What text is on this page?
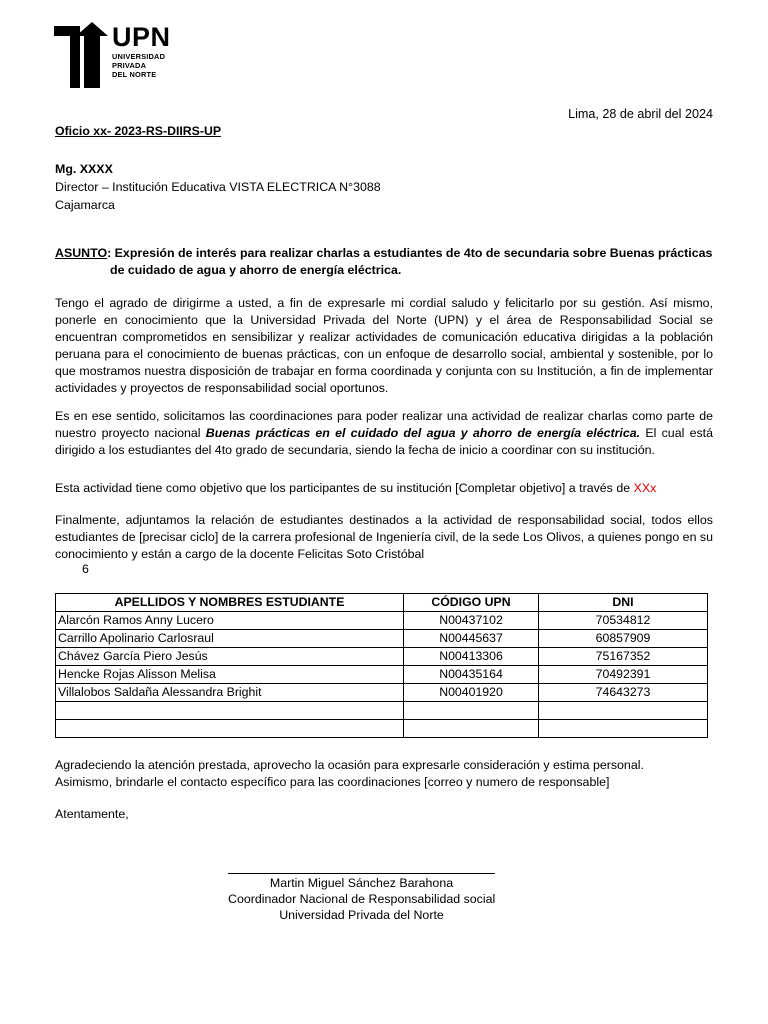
UPN
UNIVERSIDAD
PRIVADA
DEL NORTE
Lima, 28 de abril del 2024
Oficio xx- 2023-RS-DIIRS-UP
Mg. XXXX
Director – Institución Educativa VISTA ELECTRICA N°3088
Cajamarca
ASUNTO: Expresión de interés para realizar charlas a estudiantes de 4to de secundaria sobre Buenas prácticas
de cuidado de agua y ahorro de energía eléctrica.
Tengo el agrado de dirigirme a usted, a fin de expresarle mi cordial saludo y felicitarlo por su gestión. Así mismo, ponerle en conocimiento que la Universidad Privada del Norte (UPN) y el área de Responsabilidad Social se encuentran comprometidos en sensibilizar y realizar actividades de comunicación educativa dirigidas a la población peruana para el conocimiento de buenas prácticas, con un enfoque de desarrollo social, ambiental y sostenible, por lo que mostramos nuestra disposición de trabajar en forma coordinada y conjunta con su Institución, a fin de implementar actividades y proyectos de responsabilidad social oportunos.
Es en ese sentido, solicitamos las coordinaciones para poder realizar una actividad de realizar charlas como parte de nuestro proyecto nacional Buenas prácticas en el cuidado del agua y ahorro de energía eléctrica. El cual está dirigido a los estudiantes del 4to grado de secundaria, siendo la fecha de inicio a coordinar con su institución.
Esta actividad tiene como objetivo que los participantes de su institución [Completar objetivo] a través de XXx
Finalmente, adjuntamos la relación de estudiantes destinados a la actividad de responsabilidad social, todos ellos estudiantes de [precisar ciclo] de la carrera profesional de Ingeniería civil, de la sede Los Olivos, a quienes pongo en su conocimiento y están a cargo de la docente Felicitas Soto Cristóbal
6
APELLIDOS Y NOMBRES ESTUDIANTE	CÓDIGO UPN	DNI
Alarcón Ramos Anny Lucero	N00437102	70534812
Carrillo Apolinario Carlosraul	N00445637	60857909
Chávez García Piero Jesús	N00413306	75167352
Hencke Rojas Alisson Melisa	N00435164	70492391
Villalobos Saldaña Alessandra Brighit	N00401920	74643273

Agradeciendo la atención prestada, aprovecho la ocasión para expresarle consideración y estima personal.
Asimismo, brindarle el contacto específico para las coordinaciones [correo y numero de responsable]
Atentamente,
Martin Miguel Sánchez Barahona
Coordinador Nacional de Responsabilidad social
Universidad Privada del Norte
